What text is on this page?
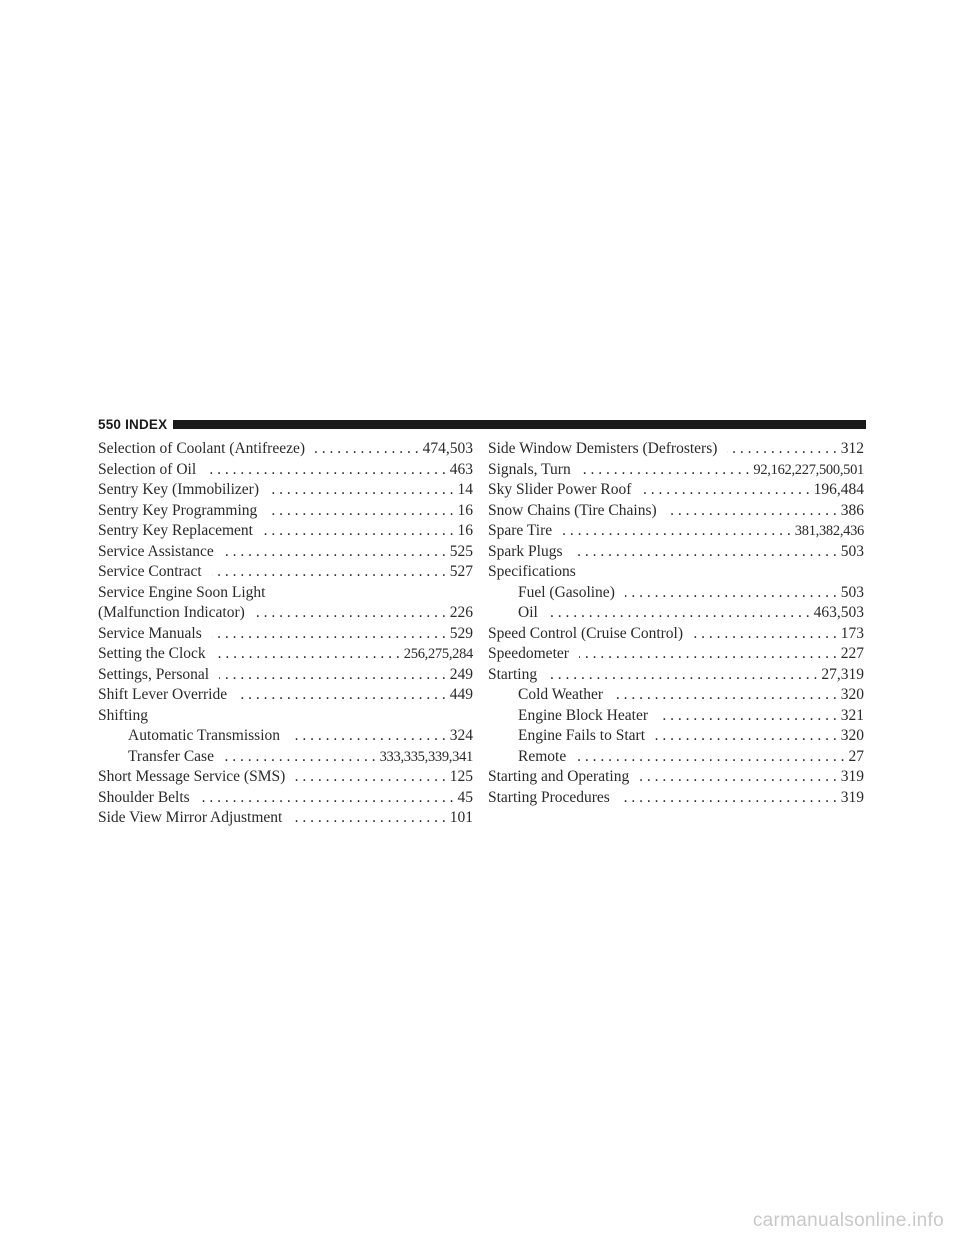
550 INDEX
Selection of Coolant (Antifreeze) . . .	474,503
Selection of Oil . . .	463
Sentry Key (Immobilizer) . . .	14
Sentry Key Programming . . .	16
Sentry Key Replacement . . .	16
Service Assistance . . .	525
Service Contract . . .	527
Service Engine Soon Light
(Malfunction Indicator) . . .	226
Service Manuals . . .	529
Setting the Clock . . .	256,275,284
Settings, Personal . . .	249
Shift Lever Override . . .	449
Shifting
Automatic Transmission . . .	324
Transfer Case . . .	333,335,339,341
Short Message Service (SMS) . . .	125
Shoulder Belts . . .	45
Side View Mirror Adjustment . . .	101
Side Window Demisters (Defrosters) . . .	312
Signals, Turn . . .	92,162,227,500,501
Sky Slider Power Roof . . .	196,484
Snow Chains (Tire Chains) . . .	386
Spare Tire . . .	381,382,436
Spark Plugs . . .	503
Specifications
Fuel (Gasoline) . . .	503
Oil . . .	463,503
Speed Control (Cruise Control) . . .	173
Speedometer . . .	227
Starting . . .	27,319
Cold Weather . . .	320
Engine Block Heater . . .	321
Engine Fails to Start . . .	320
Remote . . .	27
Starting and Operating . . .	319
Starting Procedures . . .	319
carmanualsonline.info
